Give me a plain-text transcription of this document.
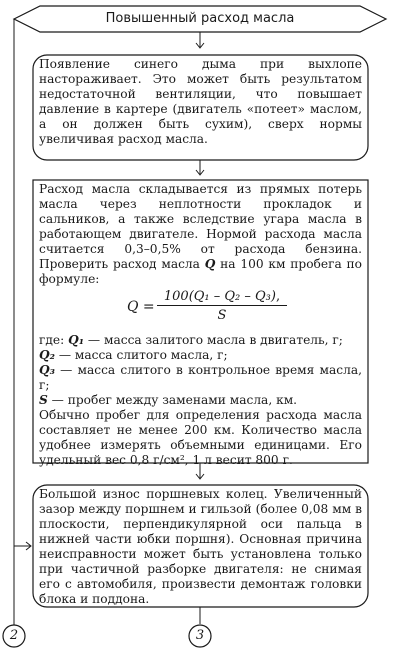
Повышенный расход масла

Появление синего дыма при выхлопе настораживает. Это может быть результатом недостаточной вентиляции, что повышает давление в картере (двигатель «потеет» маслом, а он должен быть сухим), сверх нормы увеличивая расход масла.

Расход масла складывается из прямых потерь масла через неплотности прокладок и сальников, а также вследствие угара масла в работающем двигателе. Нормой расхода масла считается 0,3–0,5% от расхода бензина. Проверить расход масла Q на 100 км пробега по формуле:

$Q = \frac{\text{100(Q₁ – Q₂ – Q₃),}}{S}$

где: Q₁ — масса залитого масла в двигатель, г;

Q₂ — масса слитого масла, г;

Q₃ — масса слитого в контрольное время масла, г;

S — пробег между заменами масла, км.

Обычно пробег для определения расхода масла составляет не менее 200 км. Количество масла удобнее измерять объемными единицами. Его удельный вес 0,8 г/см², 1 л весит 800 г.

Большой износ поршневых колец. Увеличенный зазор между поршнем и гильзой (более 0,08 мм в плоскости, перпендикулярной оси пальца в нижней части юбки поршня). Основная причина неисправности может быть установлена только при частичной разборке двигателя: не снимая его с автомобиля, произвести демонтаж головки блока и поддона.

2	3
